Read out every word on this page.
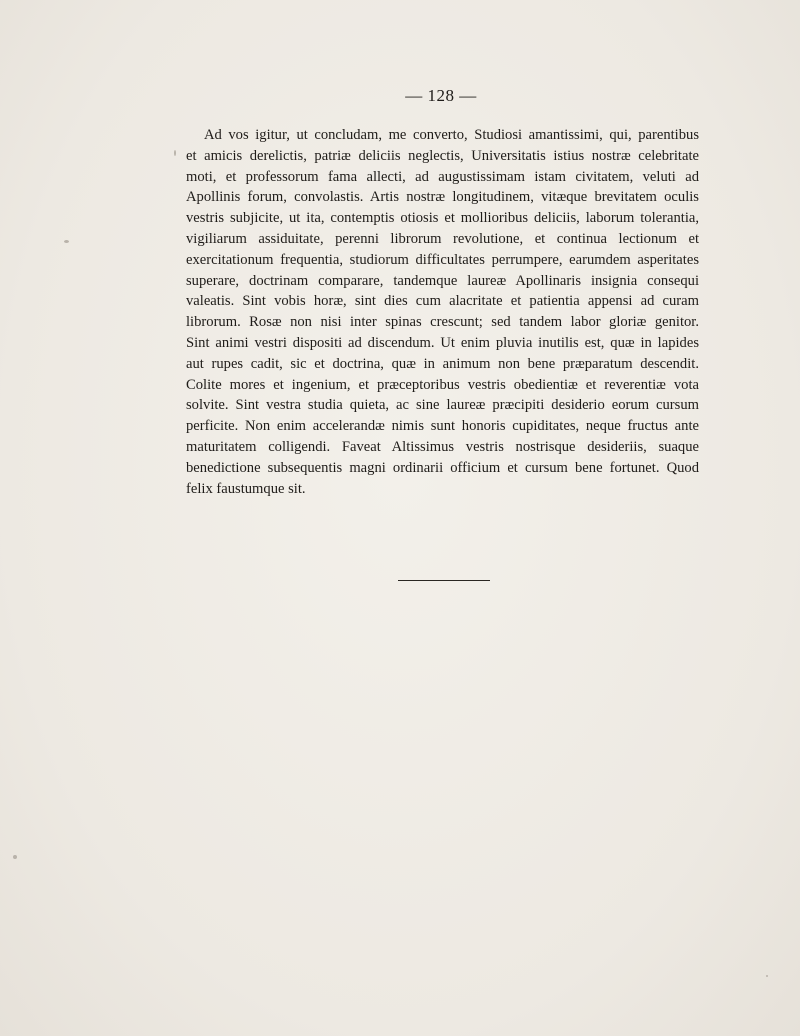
— 128 —
Ad vos igitur, ut concludam, me converto, Studiosi amantissimi, qui, parentibus
et amicis derelictis, patriæ deliciis neglectis, Universitatis istius nostræ celebritate
moti, et professorum fama allecti, ad augustissimam istam civitatem, veluti ad
Apollinis forum, convolastis. Artis nostræ longitudinem, vitæque brevitatem oculis
vestris subjicite, ut ita, contemptis otiosis et mollioribus deliciis, laborum tolerantia,
vigiliarum assiduitate, perenni librorum revolutione, et continua lectionum et
exercitationum frequentia, studiorum difficultates perrumpere, earumdem asperitates
superare, doctrinam comparare, tandemque laureæ Apollinaris insignia consequi
valeatis. Sint vobis horæ, sint dies cum alacritate et patientia appensi ad curam
librorum. Rosæ non nisi inter spinas crescunt; sed tandem labor gloriæ genitor.
Sint animi vestri dispositi ad discendum. Ut enim pluvia inutilis est, quæ in lapides
aut rupes cadit, sic et doctrina, quæ in animum non bene præparatum descendit.
Colite mores et ingenium, et præceptoribus vestris obedientiæ et reverentiæ vota
solvite. Sint vestra studia quieta, ac sine laureæ præcipiti desiderio eorum cursum
perficite. Non enim accelerandæ nimis sunt honoris cupiditates, neque fructus ante
maturitatem colligendi. Faveat Altissimus vestris nostrisque desideriis, suaque
benedictione subsequentis magni ordinarii officium et cursum bene fortunet. Quod
felix faustumque sit.
